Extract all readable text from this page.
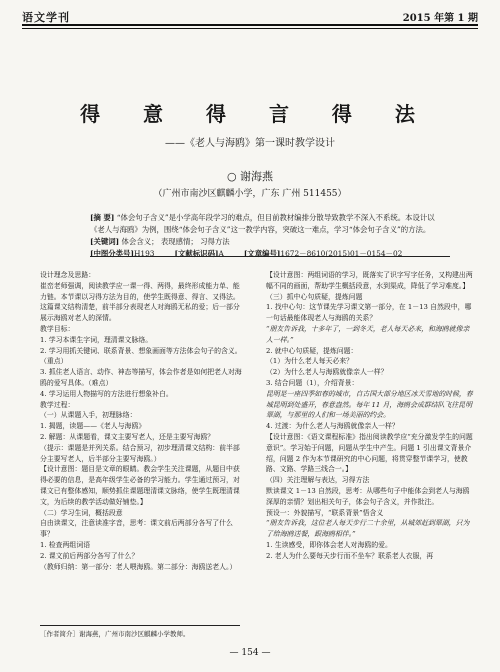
语文学刊	2015 年第 1 期
得 意 得 言 得 法
——《老人与海鸥》第一课时教学设计
○ 谢海燕
（广州市南沙区麒麟小学，广东 广州 511455）

[摘 要] “体会句子含义”是小学高年段学习的难点，但目前教材编排分散导致教学不深入不系统。本设计以《老人与海鸥》为例，围绕“体会句子含义”这一教学内容，突破这一难点，学习“体会句子含义”的方法。

[关键词] 体会含义； 表现感情； 习得方法

[中图分类号]H193	[文献标识码]A	[文章编号]1672－8610(2015)01－0154－02

设计理念及思路：

崔峦老师强调，阅读教学应一课一得、两得，最终形成能力单、能力链。本节课以习得方法为目的，使学生既得意、得言、又得法。

这篇课文结构清楚，前半部分表现老人对海鸥无私的爱；后一部分展示海鸥对老人的深情。

教学目标：

1. 学习本课生字词，理清课文脉络。

2. 学习用抓关键词、联系背景、想象画面等方法体会句子的含义。（重点）

3. 抓住老人语言、动作、神态等描写，体会作者是如何把老人对海鸥的爱写具体。（难点）

4. 学习运用人物描写的方法进行想象补白。

教学过程：

（一）从课题入手，初理脉络：

1. 揭题，读题——《老人与海鸥》

2. 解题：从课题看，课文主要写老人，还是主要写海鸥？

（提示：课题是并列关系。结合预习，初步理清课文结构：前半部分主要写老人，后半部分主要写海鸥。）

【设计意图：题目是文章的眼睛。教会学生关注课题，从题目中获得必要的信息，是高年级学生必备的学习能力。学生通过预习，对课文已有整体感知，顺势抓住课题理清课文脉络，使学生既理清课文，为后续的教学活动做好铺垫。】

（二）学习生词，概括段意

自由读课文，注意读准字音，思考：课文前后两部分各写了什么事？

1. 检查两组词语

2. 课文前后两部分各写了什么？

（教师归纳：第一部分：老人喂海鸥。第二部分：海鸥送老人。）

【设计意图：两组词语的学习，既落实了识字写字任务，又构建出两幅不同的画面，帮助学生概括段意，水到渠成，降低了学习难度。】

（三）抓中心句质疑，提炼问题

1. 找中心句：这节课先学习课文第一部分，在 1－13 自然段中，哪一句话最能体现老人与海鸥的关系？

“朋友告诉我，十多年了，一到冬天，老人每天必来，和海鸥就像亲人一样。”

2. 就中心句质疑，提炼问题：

（1）为什么老人每天必来？

（2）为什么老人与海鸥就像亲人一样？

3. 结合问题（1），介绍背景：

昆明是一座四季如春的城市，自古国大部分地区冰天雪地的时候，春城昆明到处盛开，春意盎然。每年 11 月，海鸥会成群结队飞往昆明翠湖，与那里的人们和一场美丽的约会。

4. 过渡：为什么老人与海鸥就像亲人一样？

【设计意图：《语文课程标准》指出阅读教学应“充分激发学生的问题意识”。学习始于问题，问题从学生中产生。问题 1 引出课文背景介绍，问题 2 作为本节课研究的中心问题，将贯穿整节课学习，使教路、文路、学路三线合一。】

（四）关注理解与表达，习得方法

默读课文 1－13 自然段，思考：从哪些句子中能体会到老人与海鸥深厚的亲情？划出相关句子，体会句子含义，并作批注。

预设一：外貌描写，“联系背景”悟含义

“朋友告诉我，这位老人每天步行二十余里，从城郊赶到翠湖，只为了给海鸥送餐，跟海鸥相伴。”

1. 生读感受，即你体会老人对海鸥的爱。

2. 老人为什么要每天步行而不坐车？联系老人衣服，再

［作者简介］谢海燕，广州市南沙区麒麟小学教师。
— 154 —
